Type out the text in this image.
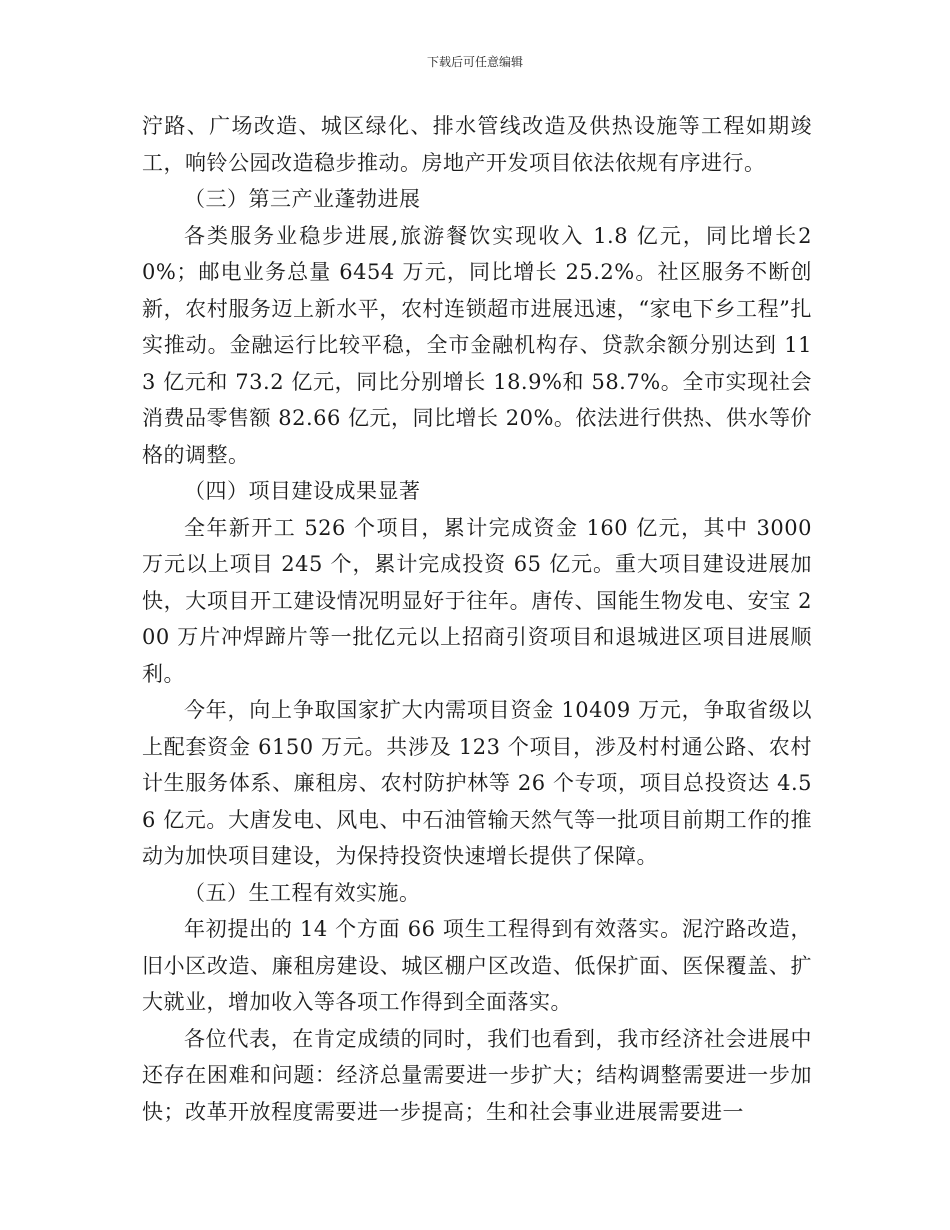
下载后可任意编辑

泞路、广场改造、城区绿化、排水管线改造及供热设施等工程如期竣工，响铃公园改造稳步推动。房地产开发项目依法依规有序进行。

（三）第三产业蓬勃进展

各类服务业稳步进展,旅游餐饮实现收入 1.8 亿元，同比增长20%；邮电业务总量 6454 万元，同比增长 25.2%。社区服务不断创新，农村服务迈上新水平，农村连锁超市进展迅速，“家电下乡工程”扎实推动。金融运行比较平稳，全市金融机构存、贷款余额分别达到 113 亿元和 73.2 亿元，同比分别增长 18.9%和 58.7%。全市实现社会消费品零售额 82.66 亿元，同比增长 20%。依法进行供热、供水等价格的调整。

（四）项目建设成果显著

全年新开工 526 个项目，累计完成资金 160 亿元，其中 3000 万元以上项目 245 个，累计完成投资 65 亿元。重大项目建设进展加快，大项目开工建设情况明显好于往年。唐传、国能生物发电、安宝 200 万片冲焊蹄片等一批亿元以上招商引资项目和退城进区项目进展顺利。

今年，向上争取国家扩大内需项目资金 10409 万元，争取省级以上配套资金 6150 万元。共涉及 123 个项目，涉及村村通公路、农村计生服务体系、廉租房、农村防护林等 26 个专项，项目总投资达 4.56 亿元。大唐发电、风电、中石油管输天然气等一批项目前期工作的推动为加快项目建设，为保持投资快速增长提供了保障。

（五）生工程有效实施。

年初提出的 14 个方面 66 项生工程得到有效落实。泥泞路改造，旧小区改造、廉租房建设、城区棚户区改造、低保扩面、医保覆盖、扩大就业，增加收入等各项工作得到全面落实。

各位代表，在肯定成绩的同时，我们也看到，我市经济社会进展中还存在困难和问题：经济总量需要进一步扩大；结构调整需要进一步加快；改革开放程度需要进一步提高；生和社会事业进展需要进一
